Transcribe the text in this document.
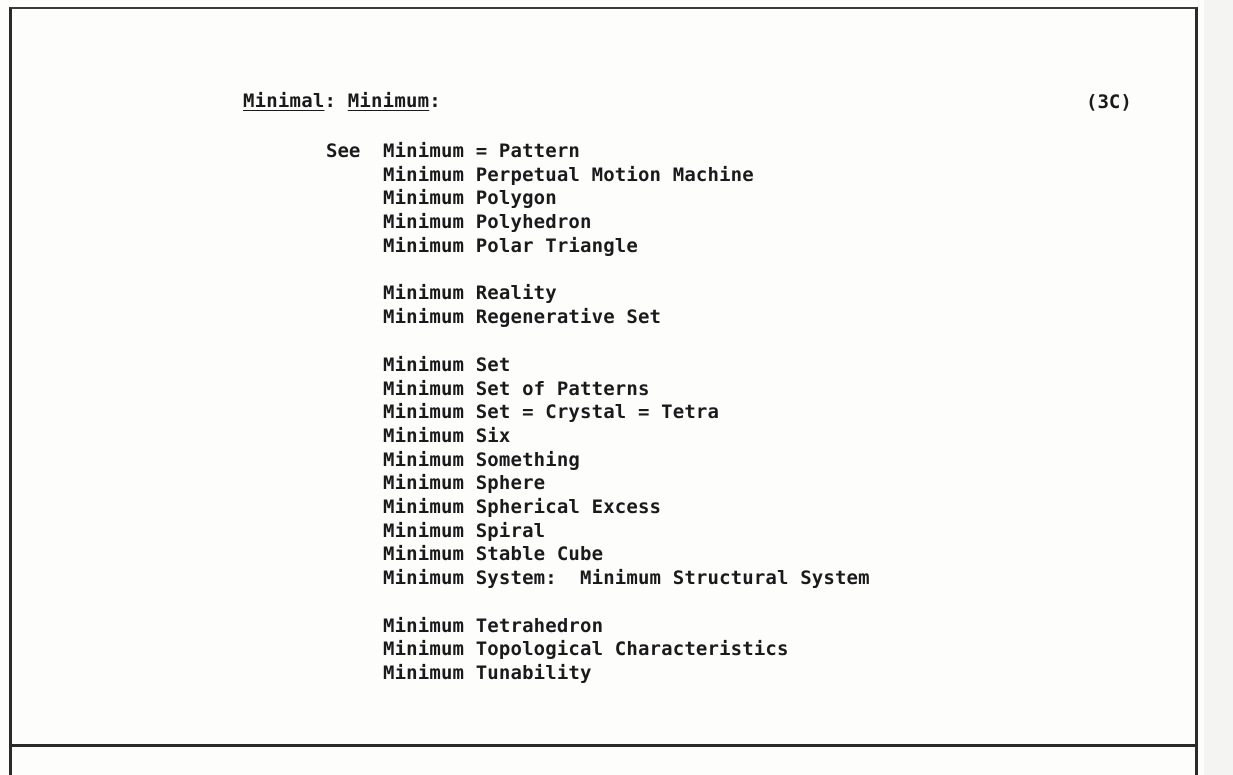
Minimal: Minimum:	(3C)
See Minimum = Pattern
Minimum Perpetual Motion Machine
Minimum Polygon
Minimum Polyhedron
Minimum Polar Triangle
Minimum Reality
Minimum Regenerative Set
Minimum Set
Minimum Set of Patterns
Minimum Set = Crystal = Tetra
Minimum Six
Minimum Something
Minimum Sphere
Minimum Spherical Excess
Minimum Spiral
Minimum Stable Cube
Minimum System:  Minimum Structural System
Minimum Tetrahedron
Minimum Topological Characteristics
Minimum Tunability
